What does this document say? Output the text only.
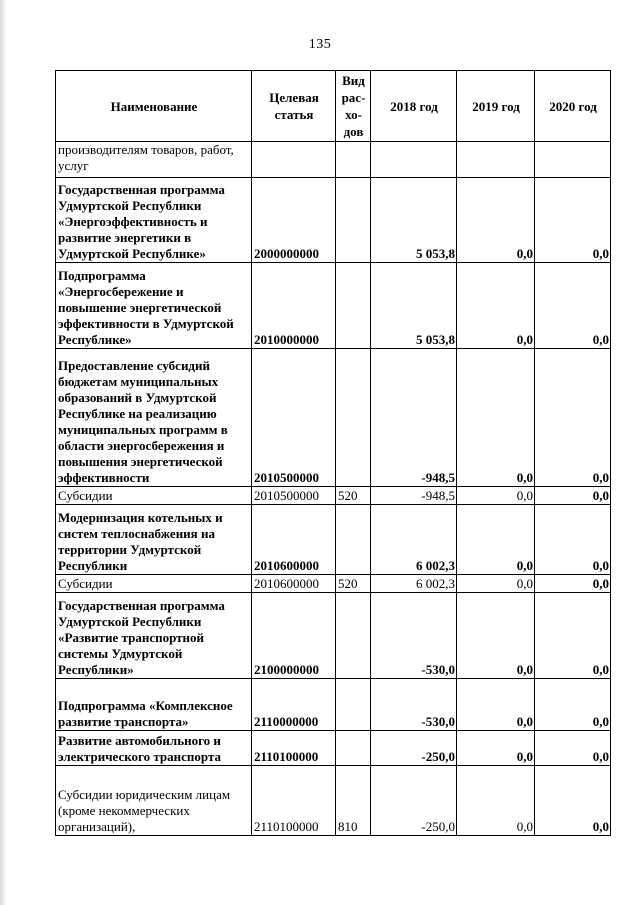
135
Наименование	Целевая статья	Вид рас- хо- дов	2018 год	2019 год	2020 год
производителям товаров, работ, услуг					
Государственная программа Удмуртской Республики «Энергоэффективность и развитие энергетики в Удмуртской Республике»	2000000000		5 053,8	0,0	0,0
Подпрограмма «Энергосбережение и повышение энергетической эффективности в Удмуртской Республике»	2010000000		5 053,8	0,0	0,0
Предоставление субсидий бюджетам муниципальных образований в Удмуртской Республике на реализацию муниципальных программ в области энергосбережения и повышения энергетической эффективности	2010500000		-948,5	0,0	0,0
Субсидии	2010500000	520	-948,5	0,0	0,0
Модернизация котельных и систем теплоснабжения на территории Удмуртской Республики	2010600000		6 002,3	0,0	0,0
Субсидии	2010600000	520	6 002,3	0,0	0,0
Государственная программа Удмуртской Республики «Развитие транспортной системы Удмуртской Республики»	2100000000		-530,0	0,0	0,0
Подпрограмма «Комплексное развитие транспорта»	2110000000		-530,0	0,0	0,0
Развитие автомобильного и электрического транспорта	2110100000		-250,0	0,0	0,0
Субсидии юридическим лицам (кроме некоммерческих организаций),	2110100000	810	-250,0	0,0	0,0
